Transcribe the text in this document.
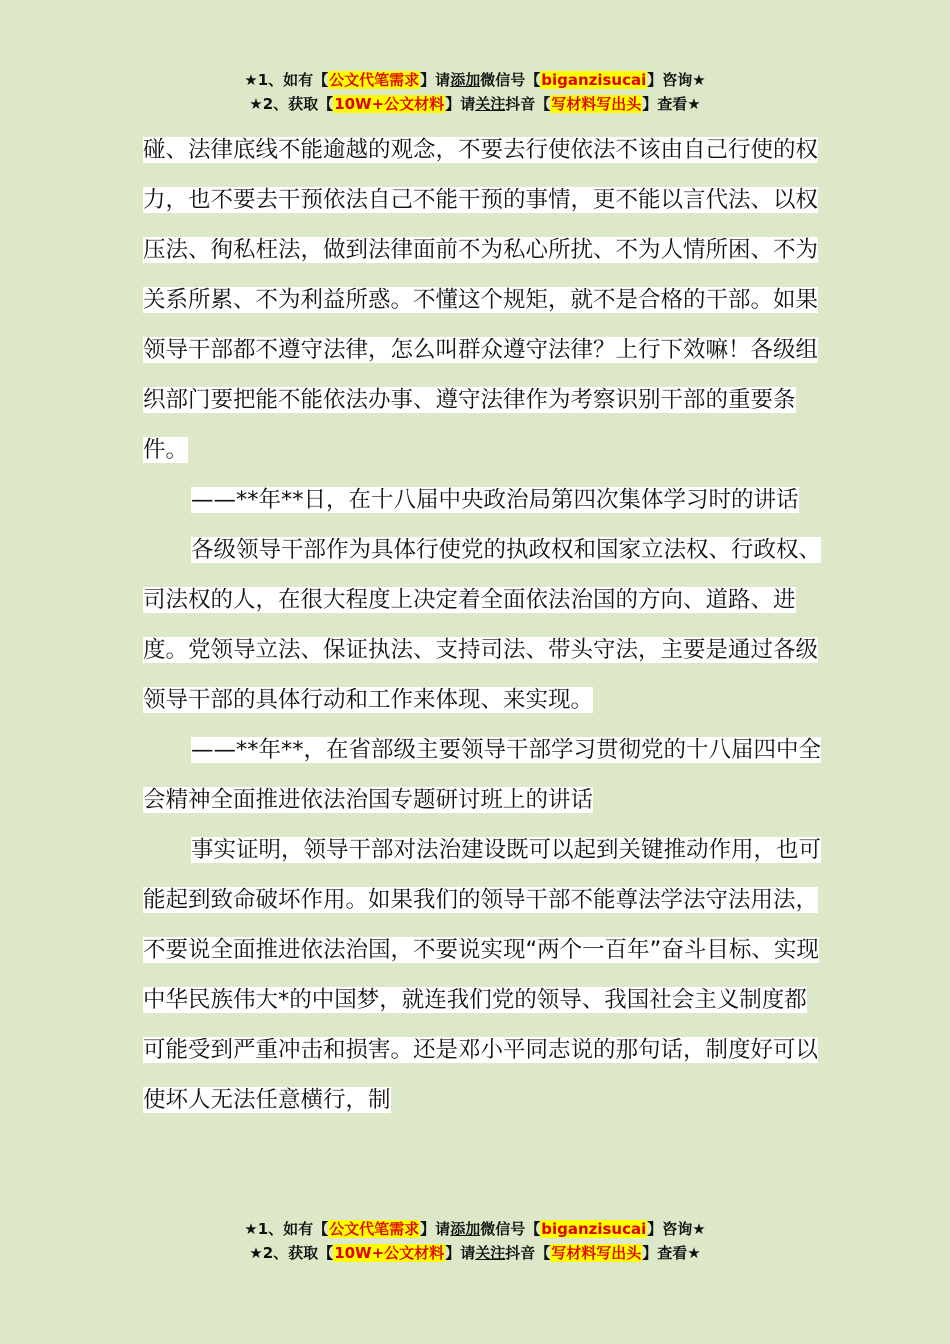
★1、如有【公文代笔需求】请添加微信号【biganzisucai】咨询★
★2、获取【10W+公文材料】请关注抖音【写材料写出头】查看★

碰、法律底线不能逾越的观念，不要去行使依法不该由自己行使的权力，也不要去干预依法自己不能干预的事情，更不能以言代法、以权压法、徇私枉法，做到法律面前不为私心所扰、不为人情所困、不为关系所累、不为利益所惑。不懂这个规矩，就不是合格的干部。如果领导干部都不遵守法律，怎么叫群众遵守法律？上行下效嘛！各级组织部门要把能不能依法办事、遵守法律作为考察识别干部的重要条件。

——**年**日，在十八届中央政治局第四次集体学习时的讲话

各级领导干部作为具体行使党的执政权和国家立法权、行政权、司法权的人，在很大程度上决定着全面依法治国的方向、道路、进度。党领导立法、保证执法、支持司法、带头守法，主要是通过各级领导干部的具体行动和工作来体现、来实现。

——**年**，在省部级主要领导干部学习贯彻党的十八届四中全会精神全面推进依法治国专题研讨班上的讲话

事实证明，领导干部对法治建设既可以起到关键推动作用，也可能起到致命破坏作用。如果我们的领导干部不能尊法学法守法用法，不要说全面推进依法治国，不要说实现“两个一百年”奋斗目标、实现中华民族伟大*的中国梦，就连我们党的领导、我国社会主义制度都可能受到严重冲击和损害。还是邓小平同志说的那句话，制度好可以使坏人无法任意横行，制

★1、如有【公文代笔需求】请添加微信号【biganzisucai】咨询★
★2、获取【10W+公文材料】请关注抖音【写材料写出头】查看★
